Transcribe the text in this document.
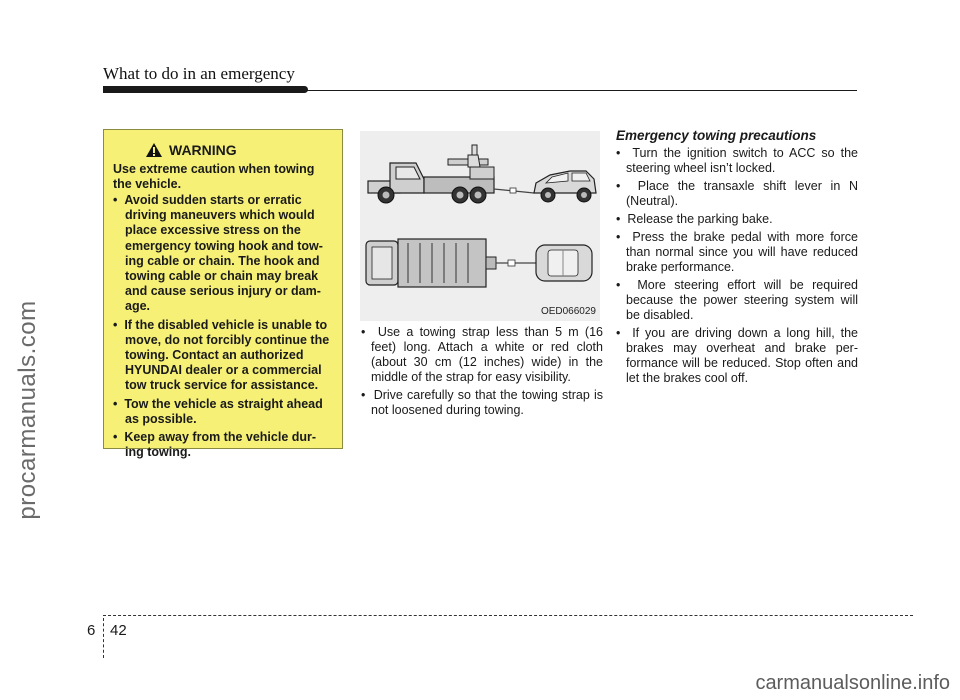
What to do in an emergency
procarmanuals.com
WARNING

Use extreme caution when towing the vehicle.

•  Avoid sudden starts or erratic driving maneuvers which would place excessive stress on the emergency towing hook and tow-ing cable or chain. The hook and towing cable or chain may break and cause serious injury or dam-age.
•  If the disabled vehicle is unable to move, do not forcibly continue the towing. Contact an authorized HYUNDAI dealer or a commercial tow truck service for assistance.
•  Tow the vehicle as straight ahead as possible.
•  Keep away from the vehicle dur-ing towing.
OED066029
•  Use a towing strap less than 5 m (16 feet) long. Attach a white or red cloth (about 30 cm (12 inches) wide) in the middle of the strap for easy visibility.
•  Drive carefully so that the towing strap is not loosened during towing.

Emergency towing precautions

•  Turn the ignition switch to ACC so the steering wheel isn’t locked.
•  Place the transaxle shift lever in N (Neutral).
•  Release the parking bake.
•  Press the brake pedal with more force than normal since you will have reduced brake performance.
•  More steering effort will be required because the power steering system will be disabled.
•  If you are driving down a long hill, the brakes may overheat and brake per-formance will be reduced. Stop often and let the brakes cool off.
6 42
carmanualsonline.info
